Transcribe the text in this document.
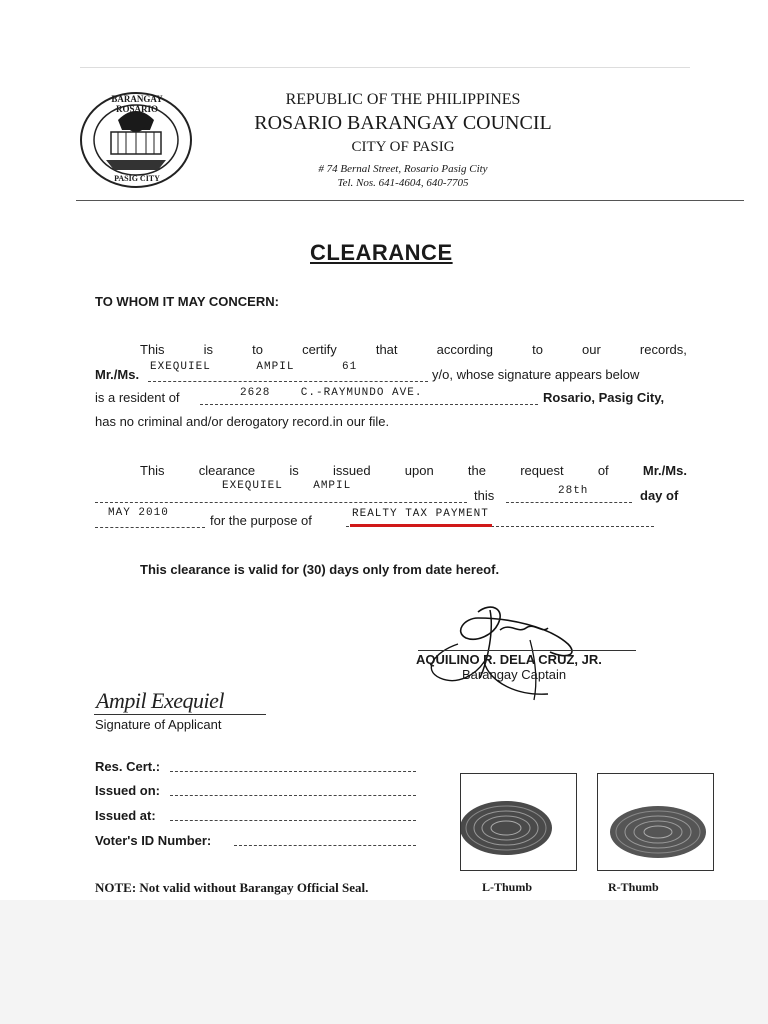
BARANGAY ROSARIO
PASIG CITY
REPUBLIC OF THE PHILIPPINES
ROSARIO BARANGAY COUNCIL
CITY OF PASIG
# 74 Bernal Street, Rosario Pasig City
Tel. Nos. 641-4604, 640-7705
CLEARANCE
TO WHOM IT MAY CONCERN:
This	is	to	certify	that	according	to	our	records,
Mr./Ms. EXEQUIEL      AMPIL	61	y/o, whose signature appears below
is a resident of	2628    C.-RAYMUNDO AVE.	Rosario, Pasig City,
has no criminal and/or derogatory record.in our file.
This	clearance	is	issued	upon	the	request	of	Mr./Ms.
EXEQUIEL    AMPIL
this	28th	day of
MAY 2010	for the purpose of	REALTY TAX PAYMENT
This clearance is valid for (30) days only from date hereof.
AQUILINO R. DELA CRUZ, JR.
Barangay Captain
Ampil Exequiel
Signature of Applicant
Res. Cert.:
Issued on:
Issued at:
Voter's ID Number:
NOTE: Not valid without Barangay Official Seal.	L-Thumb	R-Thumb
